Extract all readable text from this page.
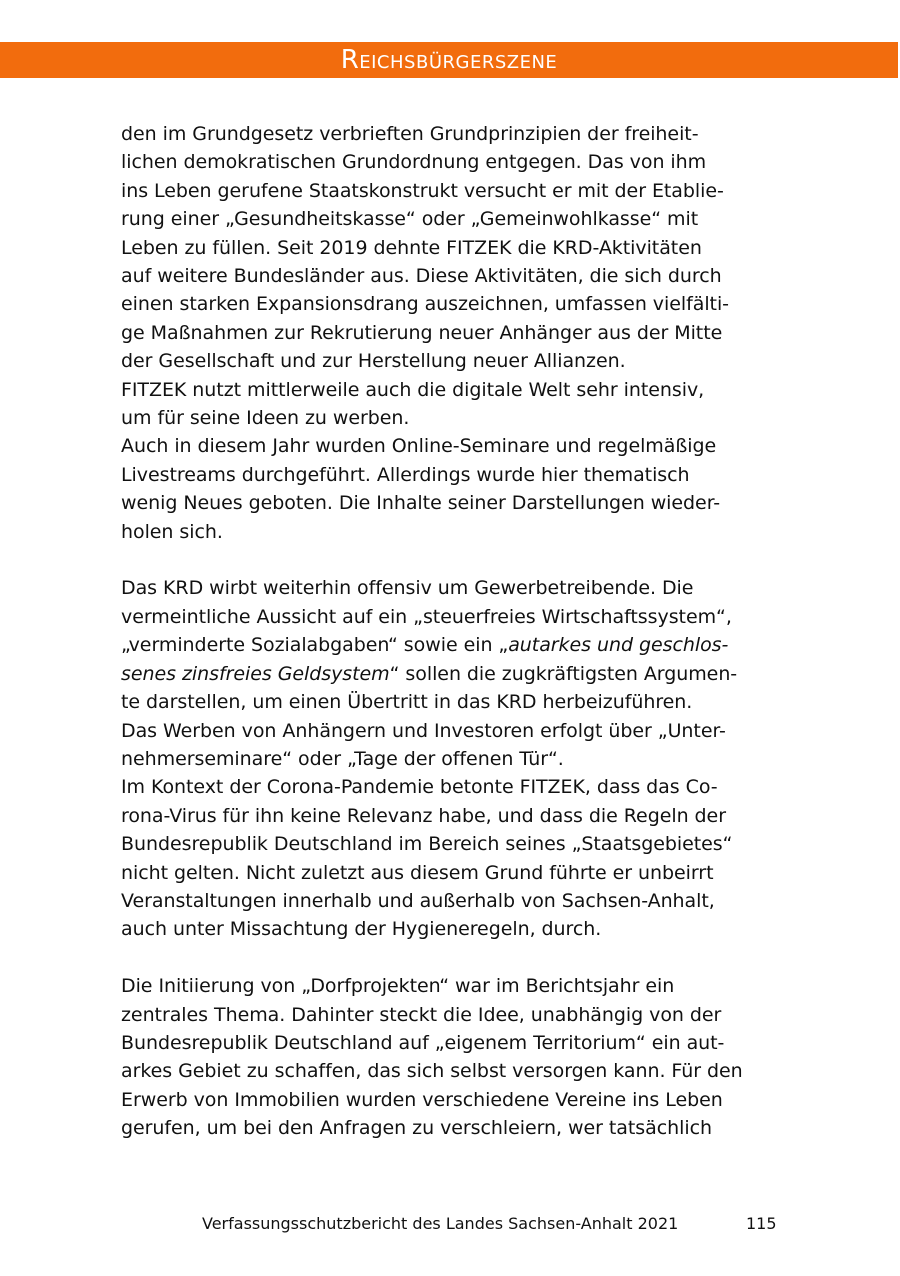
Reichsbürgerszene
den im Grundgesetz verbrieften Grundprinzipien der freiheit-
lichen demokratischen Grundordnung entgegen. Das von ihm
ins Leben gerufene Staatskonstrukt versucht er mit der Etablie-
rung einer „Gesundheitskasse“ oder „Gemeinwohlkasse“ mit
Leben zu füllen. Seit 2019 dehnte FITZEK die KRD-Aktivitäten
auf weitere Bundesländer aus. Diese Aktivitäten, die sich durch
einen starken Expansionsdrang auszeichnen, umfassen vielfälti-
ge Maßnahmen zur Rekrutierung neuer Anhänger aus der Mitte
der Gesellschaft und zur Herstellung neuer Allianzen.
FITZEK nutzt mittlerweile auch die digitale Welt sehr intensiv,
um für seine Ideen zu werben.
Auch in diesem Jahr wurden Online-Seminare und regelmäßige
Livestreams durchgeführt. Allerdings wurde hier thematisch
wenig Neues geboten. Die Inhalte seiner Darstellungen wieder-
holen sich.
Das KRD wirbt weiterhin offensiv um Gewerbetreibende. Die
vermeintliche Aussicht auf ein „steuerfreies Wirtschaftssystem“,
„verminderte Sozialabgaben“ sowie ein „autarkes und geschlos-
senes zinsfreies Geldsystem“ sollen die zugkräftigsten Argumen-
te darstellen, um einen Übertritt in das KRD herbeizuführen.
Das Werben von Anhängern und Investoren erfolgt über „Unter-
nehmerseminare“ oder „Tage der offenen Tür“.
Im Kontext der Corona-Pandemie betonte FITZEK, dass das Co-
rona-Virus für ihn keine Relevanz habe, und dass die Regeln der
Bundesrepublik Deutschland im Bereich seines „Staatsgebietes“
nicht gelten. Nicht zuletzt aus diesem Grund führte er unbeirrt
Veranstaltungen innerhalb und außerhalb von Sachsen-Anhalt,
auch unter Missachtung der Hygieneregeln, durch.
Die Initiierung von „Dorfprojekten“ war im Berichtsjahr ein
zentrales Thema. Dahinter steckt die Idee, unabhängig von der
Bundesrepublik Deutschland auf „eigenem Territorium“ ein aut-
arkes Gebiet zu schaffen, das sich selbst versorgen kann. Für den
Erwerb von Immobilien wurden verschiedene Vereine ins Leben
gerufen, um bei den Anfragen zu verschleiern, wer tatsächlich
Verfassungsschutzbericht des Landes Sachsen-Anhalt 2021	115
